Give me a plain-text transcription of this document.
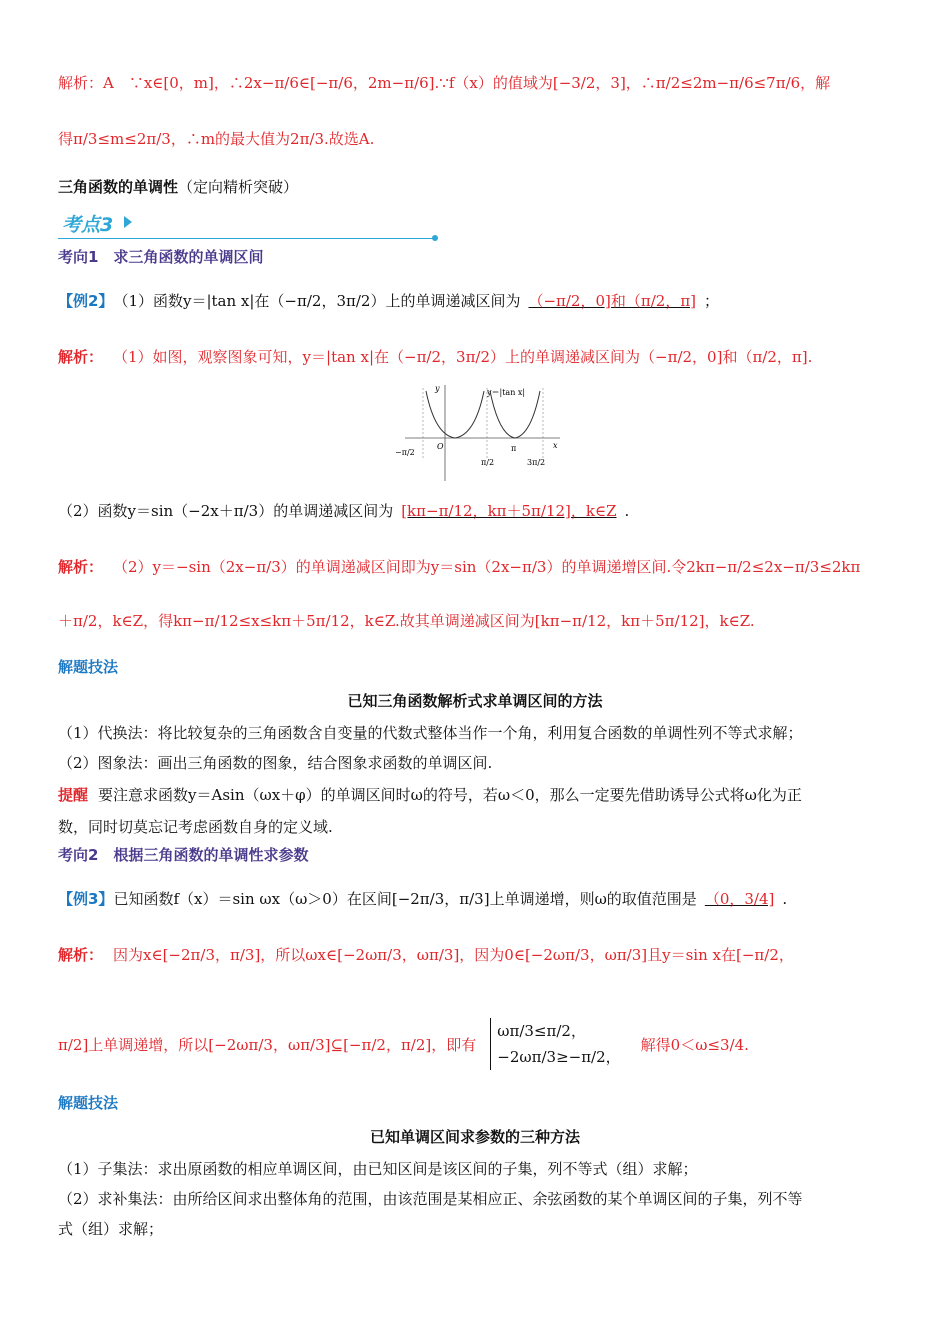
解析：A　∵x∈[0，m]，∴2x−π/6∈[−π/6，2m−π/6].∵f（x）的值域为[−3/2，3]，∴π/2≤2m−π/6≤7π/6，解
得π/3≤m≤2π/3，∴m的最大值为2π/3.故选A.
三角函数的单调性 （定向精析突破）
考点3
考向1　求三角函数的单调区间
【例2】 （1）函数y＝|tan x|在（−π/2，3π/2）上的单调递减区间为 （−π/2，0]和（π/2，π] ；
解析： （1）如图，观察图象可知，y＝|tan x|在（−π/2，3π/2）上的单调递减区间为（−π/2，0]和（π/2，π].
y
x
O
y＝|tan x|
−π/2
π/2
π
3π/2
（2）函数y＝sin（−2x＋π/3）的单调递减区间为 [kπ−π/12，kπ＋5π/12]，k∈Z .
解析： （2）y＝−sin（2x−π/3）的单调递减区间即为y＝sin（2x−π/3）的单调递增区间.令2kπ−π/2≤2x−π/3≤2kπ
＋π/2，k∈Z，得kπ−π/12≤x≤kπ＋5π/12，k∈Z.故其单调递减区间为[kπ−π/12，kπ＋5π/12]，k∈Z.
解题技法
已知三角函数解析式求单调区间的方法
（1）代换法：将比较复杂的三角函数含自变量的代数式整体当作一个角，利用复合函数的单调性列不等式求解；
（2）图象法：画出三角函数的图象，结合图象求函数的单调区间.
提醒 要注意求函数y＝Asin（ωx＋φ）的单调区间时ω的符号，若ω＜0，那么一定要先借助诱导公式将ω化为正
数，同时切莫忘记考虑函数自身的定义域.
考向2　根据三角函数的单调性求参数
【例3】 已知函数f（x）＝sin ωx（ω＞0）在区间[−2π/3，π/3]上单调递增，则ω的取值范围是 （0，3/4] .
解析： 因为x∈[−2π/3，π/3]，所以ωx∈[−2ωπ/3，ωπ/3]，因为0∈[−2ωπ/3，ωπ/3]且y＝sin x在[−π/2，
π/2]上单调递增，所以[−2ωπ/3，ωπ/3]⊆[−π/2，π/2]，即有
ωπ/3≤π/2，
−2ωπ/3≥−π/2，
解得0＜ω≤3/4.
解题技法
已知单调区间求参数的三种方法
（1）子集法：求出原函数的相应单调区间，由已知区间是该区间的子集，列不等式（组）求解；
（2）求补集法：由所给区间求出整体角的范围，由该范围是某相应正、余弦函数的某个单调区间的子集，列不等
式（组）求解；
